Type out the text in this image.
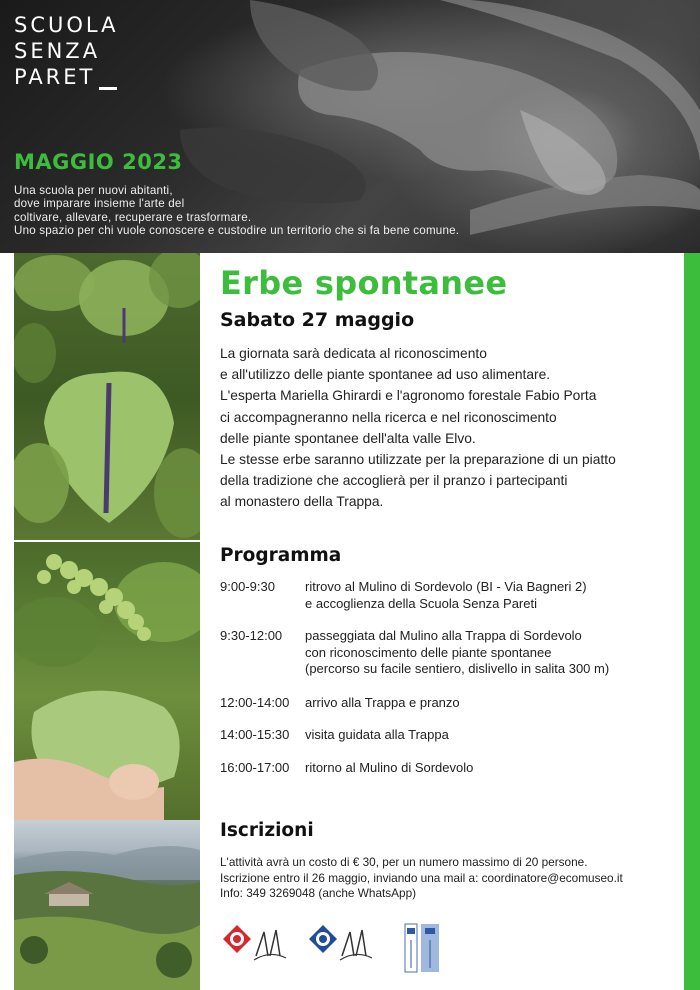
SCUOLA
SENZA
PARET
MAGGIO 2023
Una scuola per nuovi abitanti,
dove imparare insieme l'arte del
coltivare, allevare, recuperare e trasformare.
Uno spazio per chi vuole conoscere e custodire un territorio che si fa bene comune.
Erbe spontanee
Sabato 27 maggio
La giornata sarà dedicata al riconoscimento
e all'utilizzo delle piante spontanee ad uso alimentare.
L'esperta Mariella Ghirardi e l'agronomo forestale Fabio Porta
ci accompagneranno nella ricerca e nel riconoscimento
delle piante spontanee dell'alta valle Elvo.
Le stesse erbe saranno utilizzate per la preparazione di un piatto
della tradizione che accoglierà per il pranzo i partecipanti
al monastero della Trappa.
Programma
9:00-9:30	ritrovo al Mulino di Sordevolo (BI - Via Bagneri 2)
e accoglienza della Scuola Senza Pareti
9:30-12:00	passeggiata dal Mulino alla Trappa di Sordevolo
con riconoscimento delle piante spontanee
(percorso su facile sentiero, dislivello in salita 300 m)
12:00-14:00	arrivo alla Trappa e pranzo
14:00-15:30	visita guidata alla Trappa
16:00-17:00	ritorno al Mulino di Sordevolo
Iscrizioni
L'attività avrà un costo di € 30, per un numero massimo di 20 persone.
Iscrizione entro il 26 maggio, inviando una mail a: coordinatore@ecomuseo.it
Info: 349 3269048 (anche WhatsApp)
